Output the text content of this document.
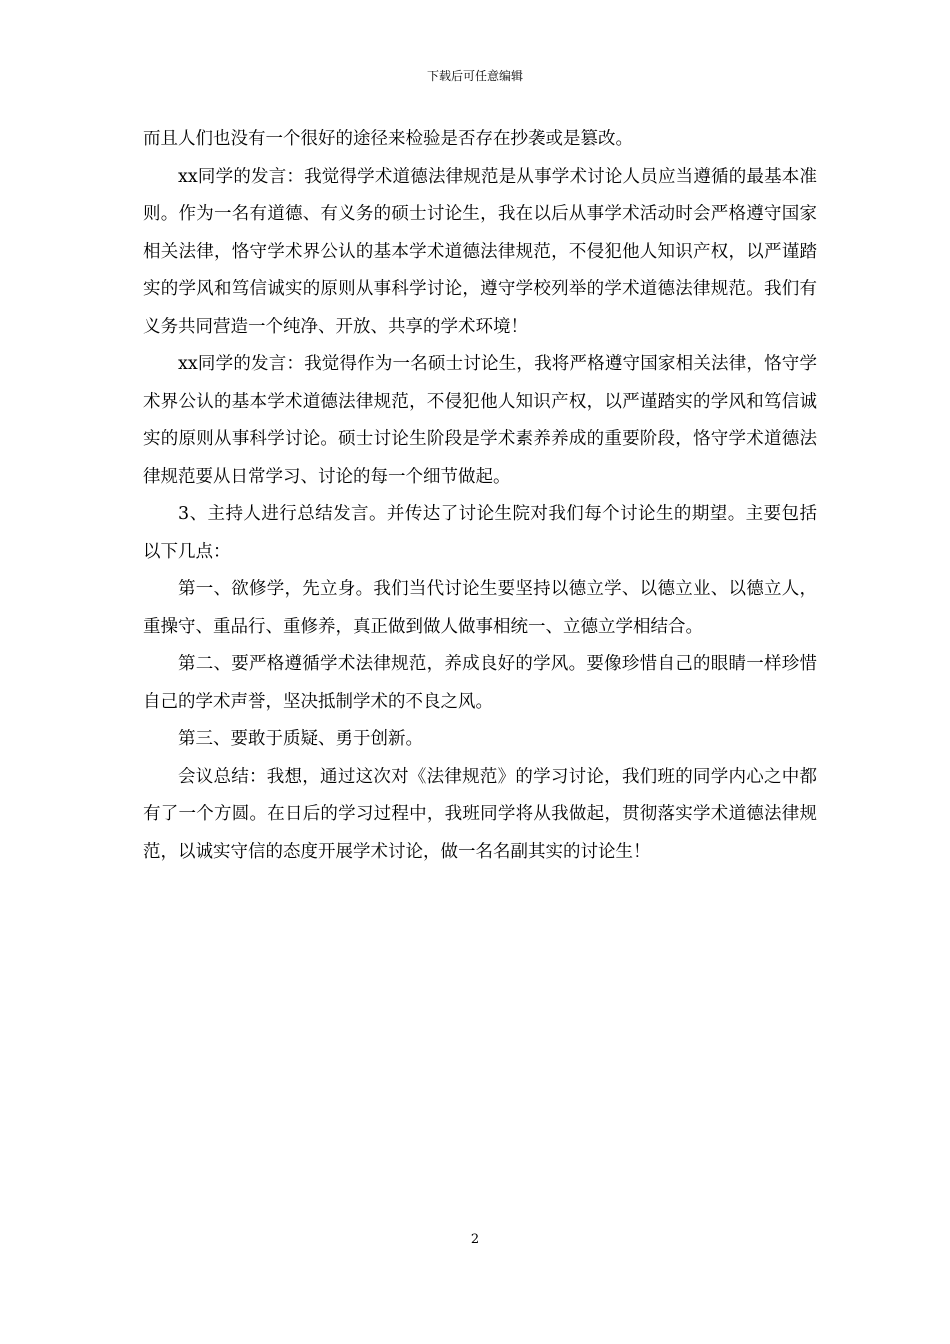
下载后可任意编辑

而且人们也没有一个很好的途径来检验是否存在抄袭或是篡改。

xx同学的发言：我觉得学术道德法律规范是从事学术讨论人员应当遵循的最基本准则。作为一名有道德、有义务的硕士讨论生，我在以后从事学术活动时会严格遵守国家相关法律，恪守学术界公认的基本学术道德法律规范，不侵犯他人知识产权，以严谨踏实的学风和笃信诚实的原则从事科学讨论，遵守学校列举的学术道德法律规范。我们有义务共同营造一个纯净、开放、共享的学术环境！

xx同学的发言：我觉得作为一名硕士讨论生，我将严格遵守国家相关法律，恪守学术界公认的基本学术道德法律规范，不侵犯他人知识产权，以严谨踏实的学风和笃信诚实的原则从事科学讨论。硕士讨论生阶段是学术素养养成的重要阶段，恪守学术道德法律规范要从日常学习、讨论的每一个细节做起。

3、主持人进行总结发言。并传达了讨论生院对我们每个讨论生的期望。主要包括以下几点：

第一、欲修学，先立身。我们当代讨论生要坚持以德立学、以德立业、以德立人，重操守、重品行、重修养，真正做到做人做事相统一、立德立学相结合。

第二、要严格遵循学术法律规范，养成良好的学风。要像珍惜自己的眼睛一样珍惜自己的学术声誉，坚决抵制学术的不良之风。

第三、要敢于质疑、勇于创新。

会议总结：我想，通过这次对《法律规范》的学习讨论，我们班的同学内心之中都有了一个方圆。在日后的学习过程中，我班同学将从我做起，贯彻落实学术道德法律规范，以诚实守信的态度开展学术讨论，做一名名副其实的讨论生！

2
